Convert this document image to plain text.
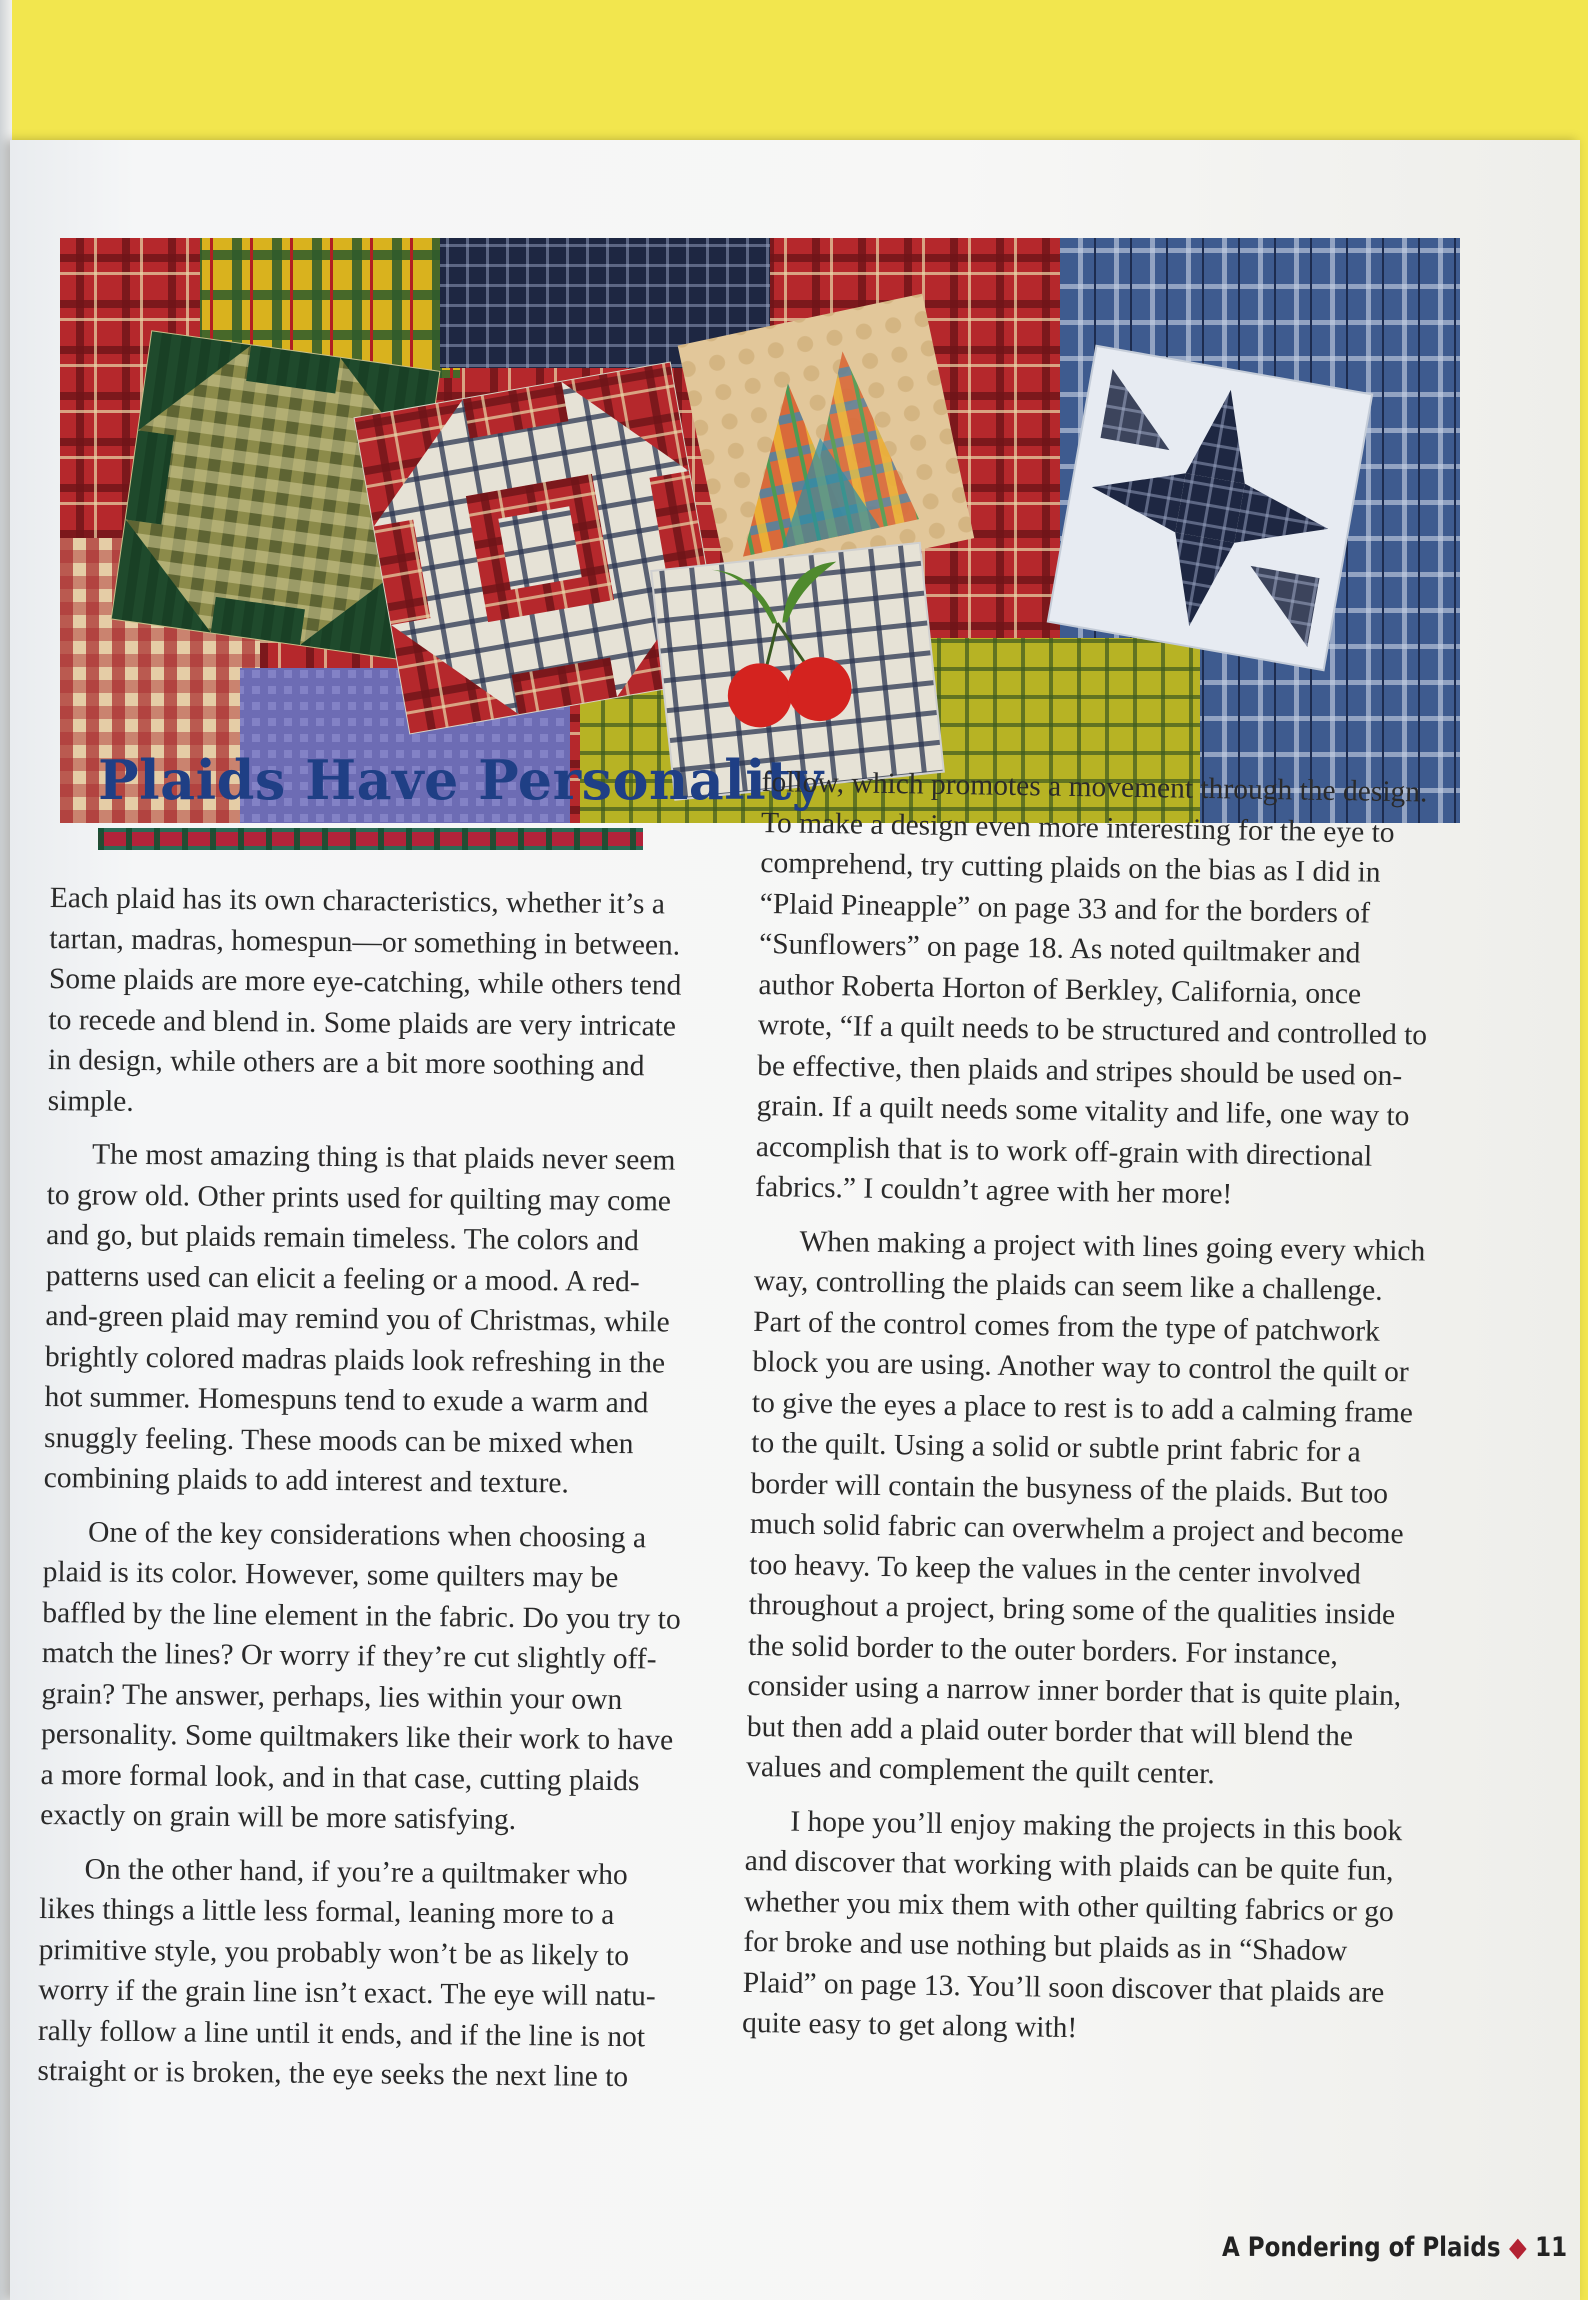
Plaids Have Personality

Each plaid has its own characteristics, whether it’s a tartan, madras, homespun—or something in between. Some plaids are more eye-catching, while others tend to recede and blend in. Some plaids are very intricate in design, while others are a bit more soothing and simple.

The most amazing thing is that plaids never seem to grow old. Other prints used for quilting may come and go, but plaids remain timeless. The colors and patterns used can elicit a feeling or a mood. A red-and-green plaid may remind you of Christmas, while brightly colored madras plaids look refreshing in the hot summer. Homespuns tend to exude a warm and snuggly feeling. These moods can be mixed when combining plaids to add interest and texture.

One of the key considerations when choosing a plaid is its color. However, some quilters may be baffled by the line element in the fabric. Do you try to match the lines? Or worry if they’re cut slightly off-grain? The answer, perhaps, lies within your own personality. Some quiltmakers like their work to have a more formal look, and in that case, cutting plaids exactly on grain will be more satisfying.

On the other hand, if you’re a quiltmaker who likes things a little less formal, leaning more to a primitive style, you probably won’t be as likely to worry if the grain line isn’t exact. The eye will naturally follow a line until it ends, and if the line is not straight or is broken, the eye seeks the next line to

follow, which promotes a movement through the design. To make a design even more interesting for the eye to comprehend, try cutting plaids on the bias as I did in “Plaid Pineapple” on page 33 and for the borders of “Sunflowers” on page 18. As noted quiltmaker and author Roberta Horton of Berkley, California, once wrote, “If a quilt needs to be structured and controlled to be effective, then plaids and stripes should be used on-grain. If a quilt needs some vitality and life, one way to accomplish that is to work off-grain with directional fabrics.” I couldn’t agree with her more!

When making a project with lines going every which way, controlling the plaids can seem like a challenge. Part of the control comes from the type of patchwork block you are using. Another way to control the quilt or to give the eyes a place to rest is to add a calming frame to the quilt. Using a solid or subtle print fabric for a border will contain the busyness of the plaids. But too much solid fabric can overwhelm a project and become too heavy. To keep the values in the center involved throughout a project, bring some of the qualities inside the solid border to the outer borders. For instance, consider using a narrow inner border that is quite plain, but then add a plaid outer border that will blend the values and complement the quilt center.

I hope you’ll enjoy making the projects in this book and discover that working with plaids can be quite fun, whether you mix them with other quilting fabrics or go for broke and use nothing but plaids as in “Shadow Plaid” on page 13. You’ll soon discover that plaids are quite easy to get along with!

A Pondering of Plaids ◆ 11
